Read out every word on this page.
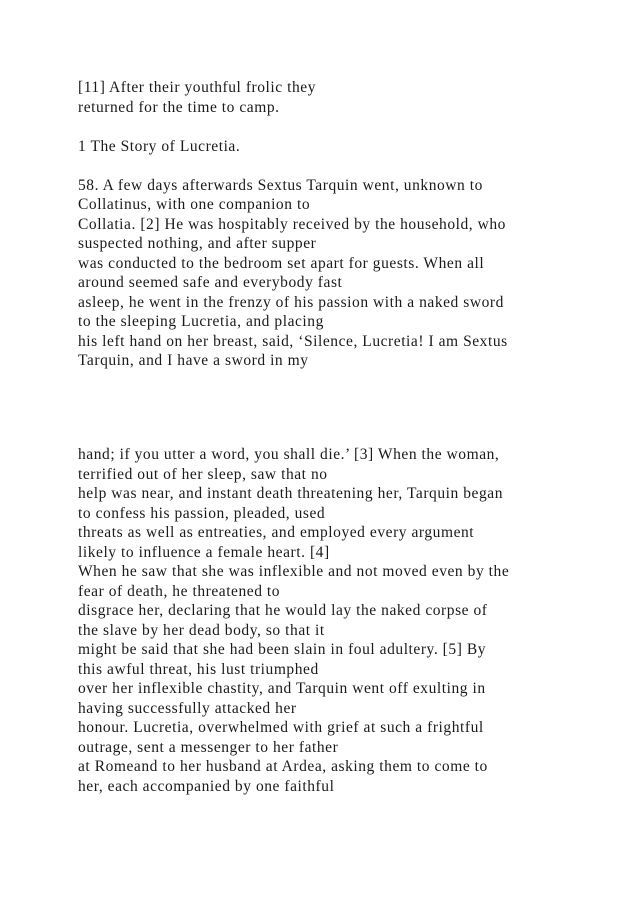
[11] After their youthful frolic they
returned for the time to camp.
1 The Story of Lucretia.
58. A few days afterwards Sextus Tarquin went, unknown to
Collatinus, with one companion to
Collatia. [2] He was hospitably received by the household, who
suspected nothing, and after supper
was conducted to the bedroom set apart for guests. When all
around seemed safe and everybody fast
asleep, he went in the frenzy of his passion with a naked sword
to the sleeping Lucretia, and placing
his left hand on her breast, said, ‘Silence, Lucretia! I am Sextus
Tarquin, and I have a sword in my
hand; if you utter a word, you shall die.’ [3] When the woman,
terrified out of her sleep, saw that no
help was near, and instant death threatening her, Tarquin began
to confess his passion, pleaded, used
threats as well as entreaties, and employed every argument
likely to influence a female heart. [4]
When he saw that she was inflexible and not moved even by the
fear of death, he threatened to
disgrace her, declaring that he would lay the naked corpse of
the slave by her dead body, so that it
might be said that she had been slain in foul adultery. [5] By
this awful threat, his lust triumphed
over her inflexible chastity, and Tarquin went off exulting in
having successfully attacked her
honour. Lucretia, overwhelmed with grief at such a frightful
outrage, sent a messenger to her father
at Romeand to her husband at Ardea, asking them to come to
her, each accompanied by one faithful
